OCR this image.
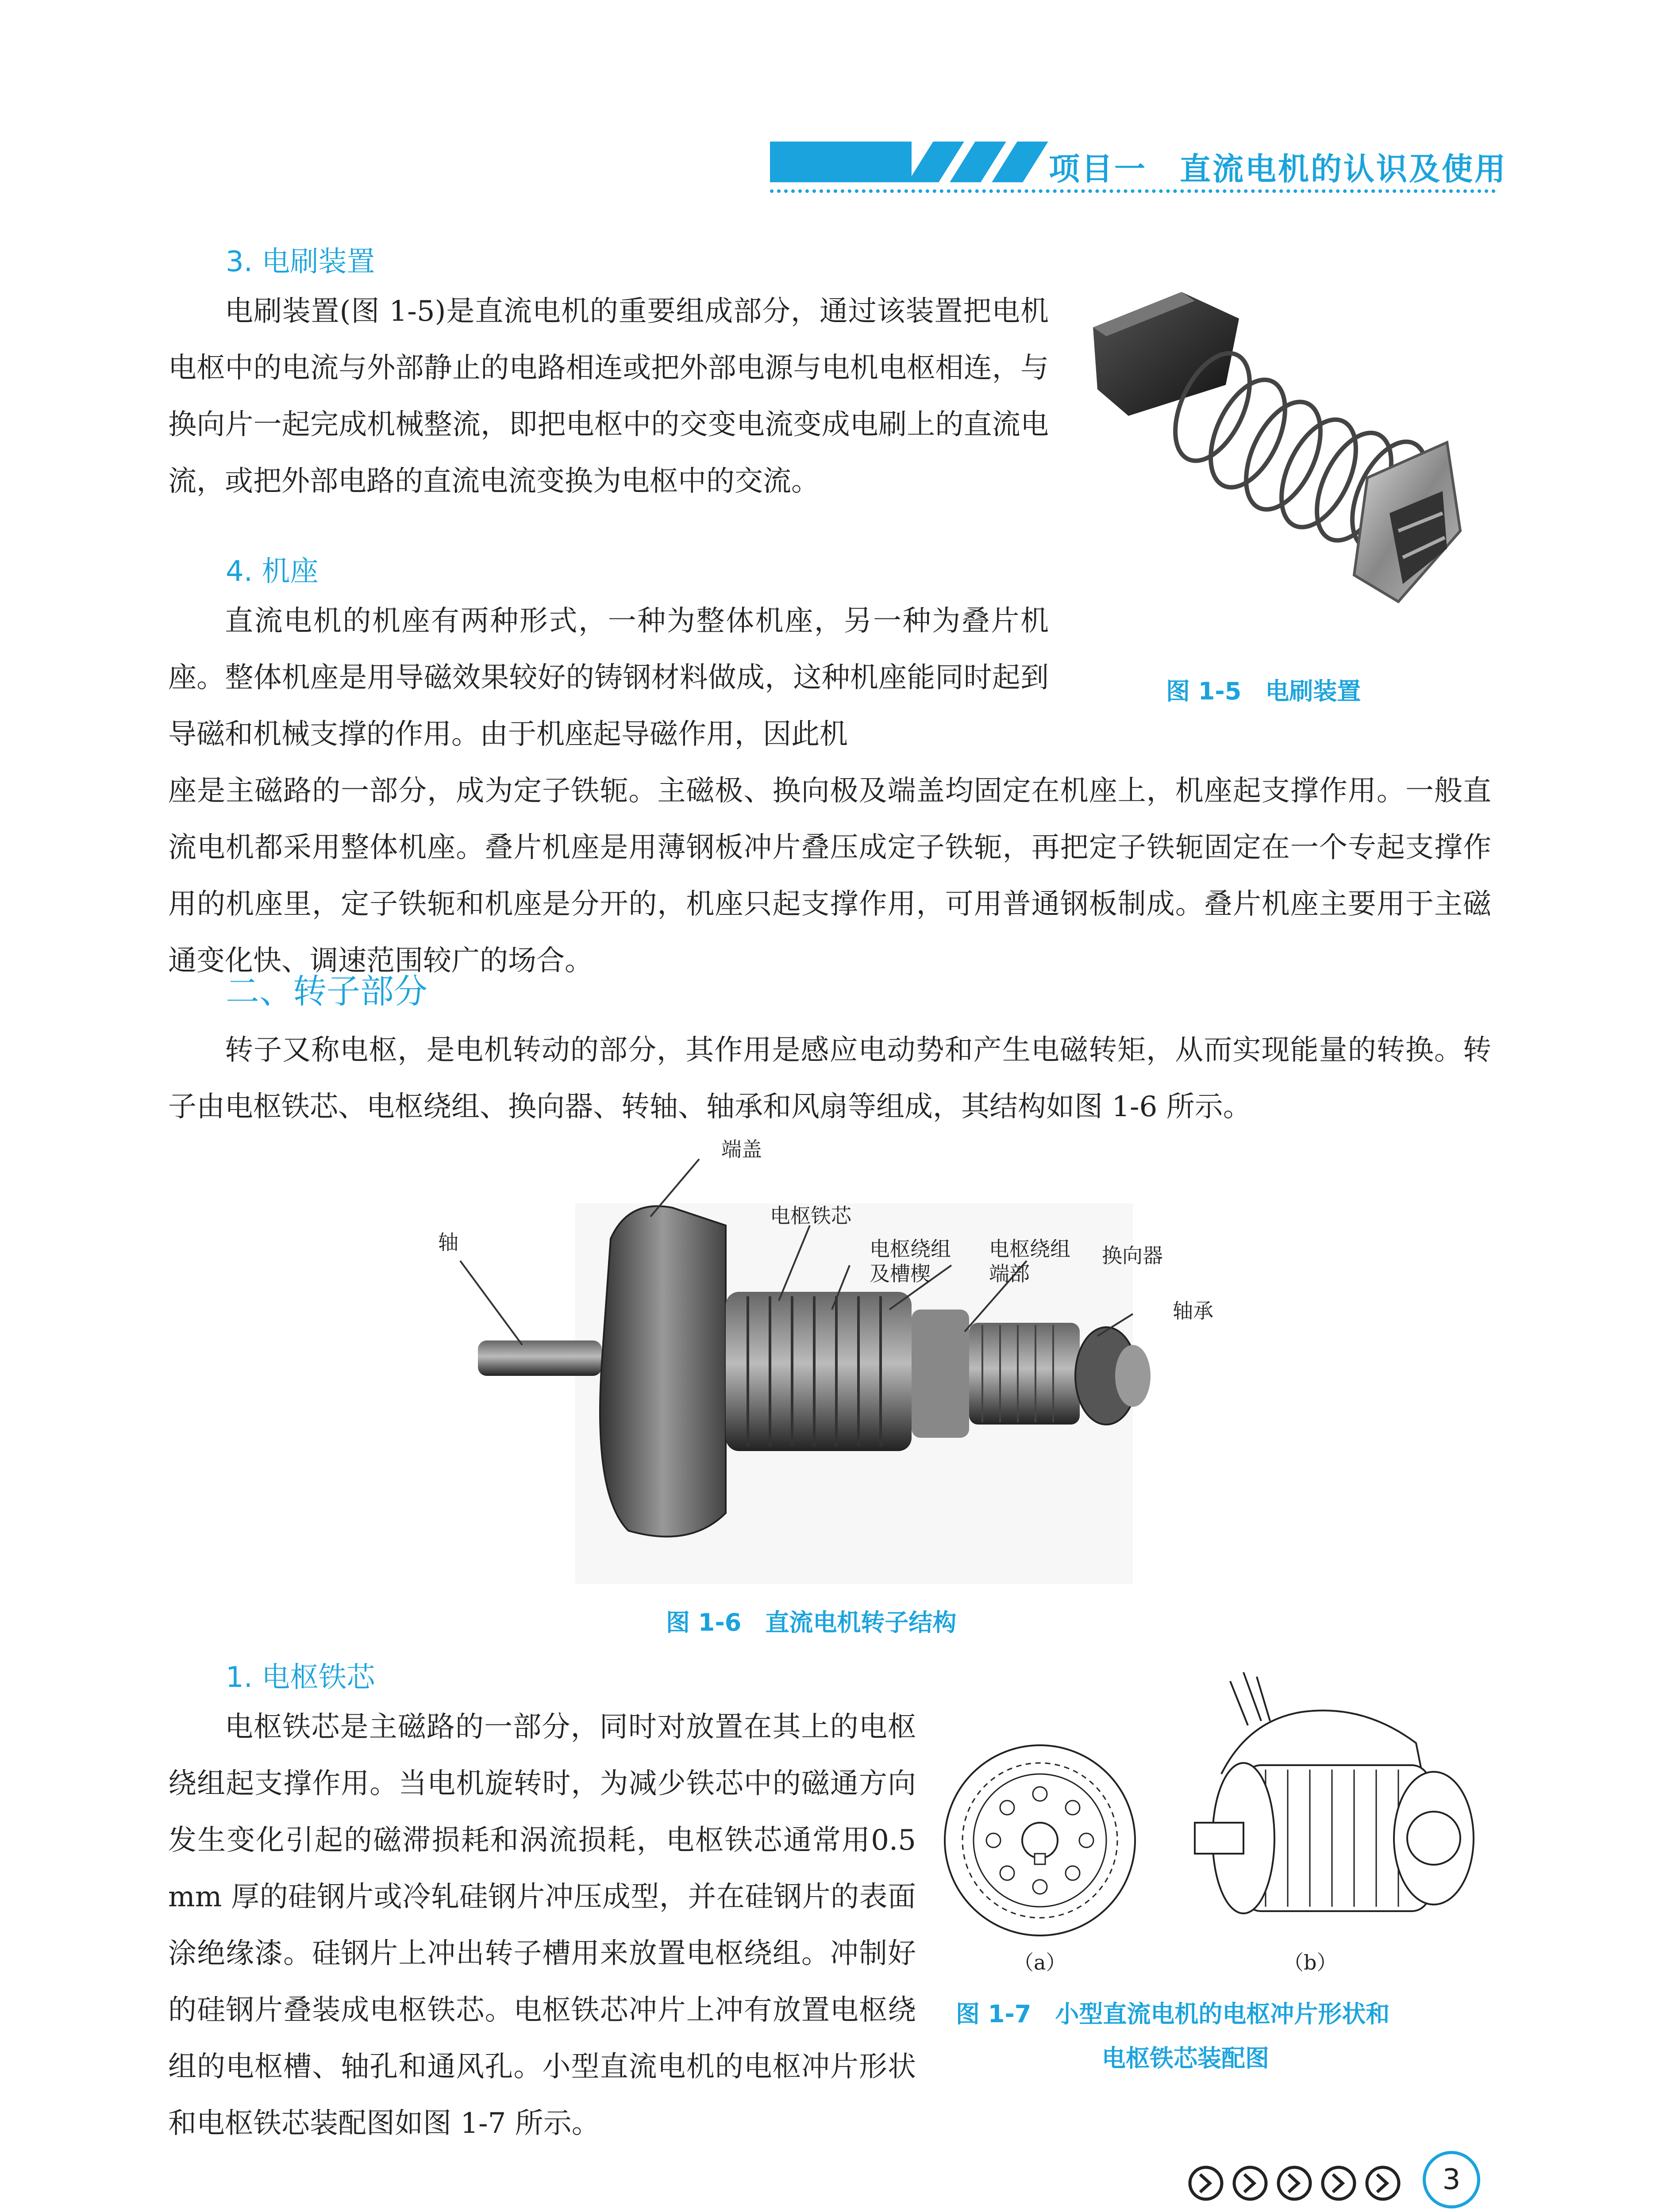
项目一　直流电机的认识及使用
3. 电刷装置
电刷装置(图 1-5)是直流电机的重要组成部分，通过该装置把电机电枢中的电流与外部静止的电路相连或把外部电源与电机电枢相连，与换向片一起完成机械整流，即把电枢中的交变电流变成电刷上的直流电流，或把外部电路的直流电流变换为电枢中的交流。
图 1-5　电刷装置
4. 机座
直流电机的机座有两种形式，一种为整体机座，另一种为叠片机座。整体机座是用导磁效果较好的铸钢材料做成，这种机座能同时起到导磁和机械支撑的作用。由于机座起导磁作用，因此机
座是主磁路的一部分，成为定子铁轭。主磁极、换向极及端盖均固定在机座上，机座起支撑作用。一般直流电机都采用整体机座。叠片机座是用薄钢板冲片叠压成定子铁轭，再把定子铁轭固定在一个专起支撑作用的机座里，定子铁轭和机座是分开的，机座只起支撑作用，可用普通钢板制成。叠片机座主要用于主磁通变化快、调速范围较广的场合。
二、转子部分
转子又称电枢，是电机转动的部分，其作用是感应电动势和产生电磁转矩，从而实现能量的转换。转子由电枢铁芯、电枢绕组、换向器、转轴、轴承和风扇等组成，其结构如图 1-6 所示。
端盖
轴
电枢铁芯
电枢绕组
及槽楔
电枢绕组
端部
换向器
轴承
图 1-6　直流电机转子结构
1. 电枢铁芯
电枢铁芯是主磁路的一部分，同时对放置在其上的电枢绕组起支撑作用。当电机旋转时，为减少铁芯中的磁通方向发生变化引起的磁滞损耗和涡流损耗，电枢铁芯通常用0.5 mm 厚的硅钢片或冷轧硅钢片冲压成型，并在硅钢片的表面涂绝缘漆。硅钢片上冲出转子槽用来放置电枢绕组。冲制好的硅钢片叠装成电枢铁芯。电枢铁芯冲片上冲有放置电枢绕组的电枢槽、轴孔和通风孔。小型直流电机的电枢冲片形状和电枢铁芯装配图如图 1-7 所示。
（a）	（b）
图 1-7　小型直流电机的电枢冲片形状和
电枢铁芯装配图
3
